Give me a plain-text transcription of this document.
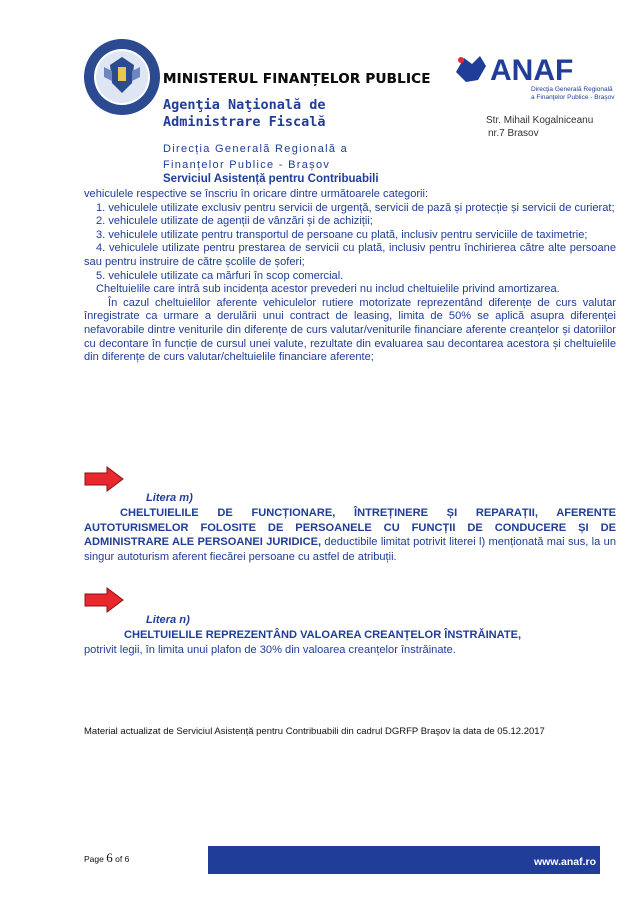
MINISTERUL FINANȚELOR PUBLICE
Agenţia Naţională de
Administrare Fiscală
Direcția Generală Regională a
Finanțelor Publice - Brașov
Serviciul Asistență pentru Contribuabili
ANAF
Direcţia Generală Regională
a Finanţelor Publice - Braşov
Str. Mihail Kogalniceanu
nr.7 Brasov

vehiculele respective se înscriu în oricare dintre următoarele categorii:

1. vehiculele utilizate exclusiv pentru servicii de urgență, servicii de pază și protecție și servicii de curierat;

2. vehiculele utilizate de agenții de vânzări și de achiziții;

3. vehiculele utilizate pentru transportul de persoane cu plată, inclusiv pentru serviciile de taximetrie;

4. vehiculele utilizate pentru prestarea de servicii cu plată, inclusiv pentru închirierea către alte persoane sau pentru instruire de către școlile de șoferi;

5. vehiculele utilizate ca mărfuri în scop comercial.

Cheltuielile care intră sub incidența acestor prevederi nu includ cheltuielile privind amortizarea.

În cazul cheltuielilor aferente vehiculelor rutiere motorizate reprezentând diferențe de curs valutar înregistrate ca urmare a derulării unui contract de leasing, limita de 50% se aplică asupra diferenței nefavorabile dintre veniturile din diferențe de curs valutar/veniturile financiare aferente creanțelor și datoriilor cu decontare în funcție de cursul unei valute, rezultate din evaluarea sau decontarea acestora și cheltuielile din diferențe de curs valutar/cheltuielile financiare aferente;

Litera m)

CHELTUIELILE DE FUNCȚIONARE, ÎNTREȚINERE ȘI REPARAȚII, AFERENTE AUTOTURISMELOR FOLOSITE DE PERSOANELE CU FUNCȚII DE CONDUCERE ȘI DE ADMINISTRARE ALE PERSOANEI JURIDICE, deductibile limitat potrivit literei l) menționată mai sus, la un singur autoturism aferent fiecărei persoane cu astfel de atribuții.

Litera n)

CHELTUIELILE REPREZENTÂND VALOAREA CREANȚELOR ÎNSTRĂINATE,

potrivit legii, în limita unui plafon de 30% din valoarea creanțelor înstrăinate.

Material actualizat de Serviciul Asistență pentru Contribuabili din cadrul DGRFP Braşov la data de 05.12.2017
Page 6 of 6	www.anaf.ro
